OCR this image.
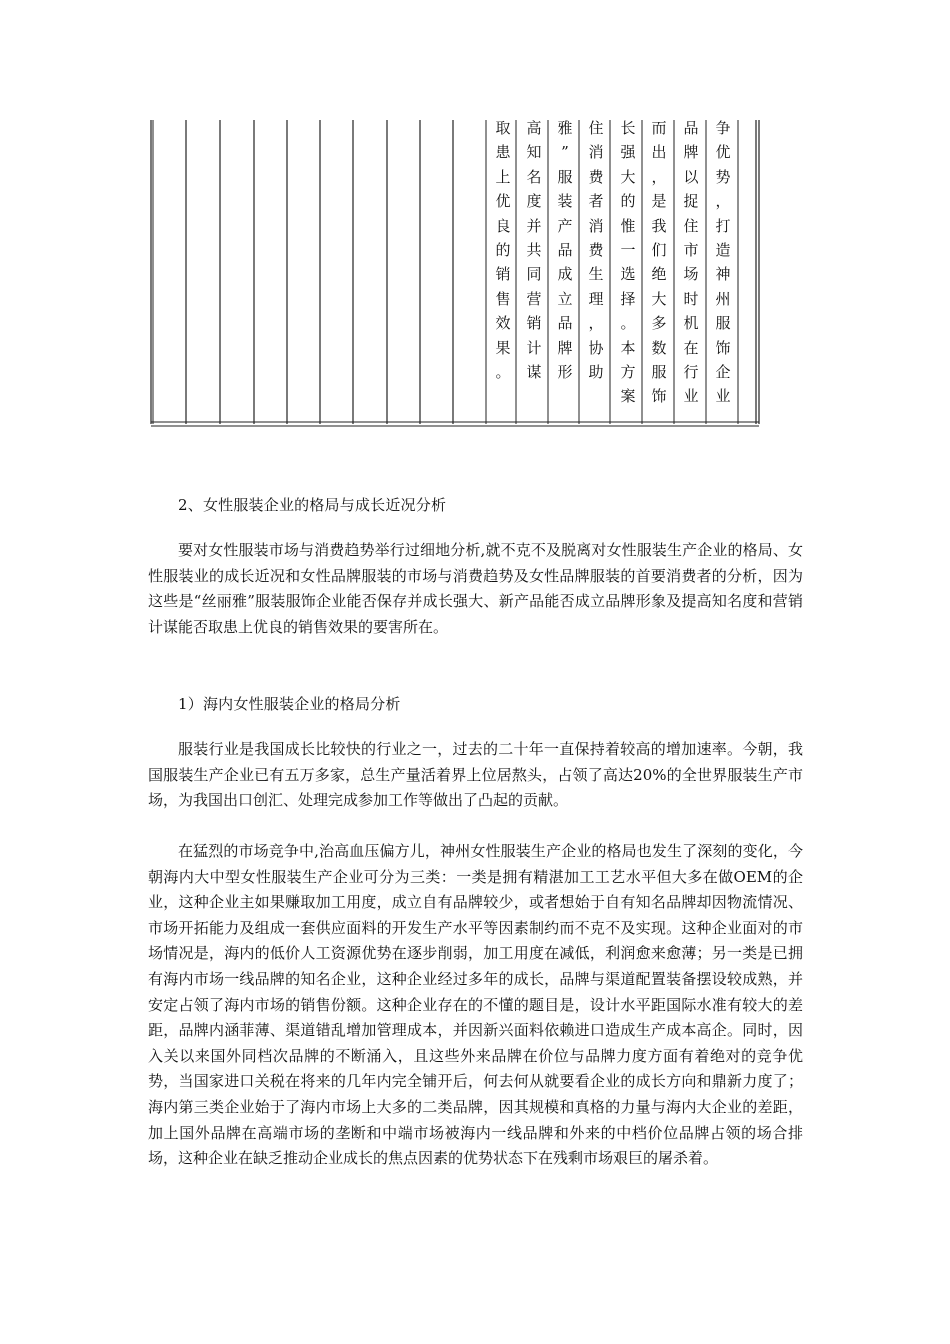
取
患
上
优
良
的
销
售
效
果
。
高
知
名
度
并
共
同
营
销
计
谋
雅
”
服
装
产
品
成
立
品
牌
形
住
消
费
者
消
费
生
理
，
协
助
长
强
大
的
惟
一
选
择
。
本
方
案
而
出
，
是
我
们
绝
大
多
数
服
饰
品
牌
以
捉
住
市
场
时
机
在
行
业
争
优
势
，
打
造
神
州
服
饰
企
业
2、女性服装企业的格局与成长近况分析
要对女性服装市场与消费趋势举行过细地分析,就不克不及脱离对女性服装生产企业的格局、女性服装业的成长近况和女性品牌服装的市场与消费趋势及女性品牌服装的首要消费者的分析，因为这些是“丝丽雅”服装服饰企业能否保存并成长强大、新产品能否成立品牌形象及提高知名度和营销计谋能否取患上优良的销售效果的要害所在。
1）海内女性服装企业的格局分析
服装行业是我国成长比较快的行业之一，过去的二十年一直保持着较高的增加速率。今朝，我国服装生产企业已有五万多家，总生产量活着界上位居熬头，占领了高达20%的全世界服装生产市场，为我国出口创汇、处理完成参加工作等做出了凸起的贡献。
在猛烈的市场竞争中,治高血压偏方儿，神州女性服装生产企业的格局也发生了深刻的变化，今朝海内大中型女性服装生产企业可分为三类：一类是拥有精湛加工工艺水平但大多在做OEM的企业，这种企业主如果赚取加工用度，成立自有品牌较少，或者想始于自有知名品牌却因物流情况、市场开拓能力及组成一套供应面料的开发生产水平等因素制约而不克不及实现。这种企业面对的市场情况是，海内的低价人工资源优势在逐步削弱，加工用度在减低，利润愈来愈薄；另一类是已拥有海内市场一线品牌的知名企业，这种企业经过多年的成长，品牌与渠道配置装备摆设较成熟，并安定占领了海内市场的销售份额。这种企业存在的不懂的题目是，设计水平距国际水准有较大的差距，品牌内涵菲薄、渠道错乱增加管理成本，并因新兴面料依赖进口造成生产成本高企。同时，因入关以来国外同档次品牌的不断涌入，且这些外来品牌在价位与品牌力度方面有着绝对的竞争优势，当国家进口关税在将来的几年内完全铺开后，何去何从就要看企业的成长方向和鼎新力度了；海内第三类企业始于了海内市场上大多的二类品牌，因其规模和真格的力量与海内大企业的差距，加上国外品牌在高端市场的垄断和中端市场被海内一线品牌和外来的中档价位品牌占领的场合排场，这种企业在缺乏推动企业成长的焦点因素的优势状态下在残剩市场艰巨的屠杀着。
